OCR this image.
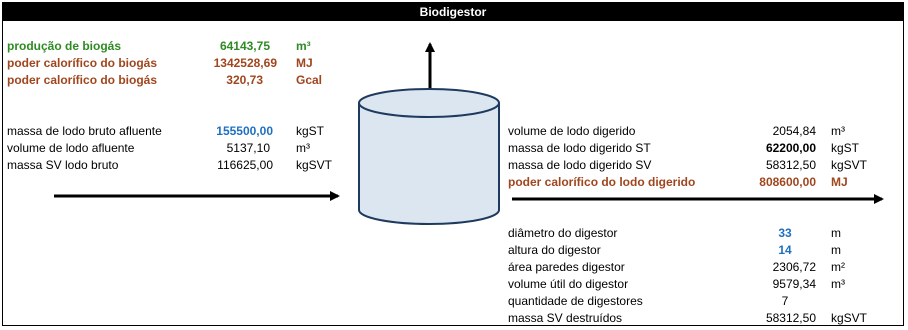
Biodigestor
produção de biogás	64143,75 m³
poder calorífico do biogás	1342528,69 MJ
poder calorífico do biogás	320,73	Gcal
massa de lodo bruto afluente	155500,00 kgST
volume de lodo afluente	5137,10 m³
massa SV lodo bruto	116625,00 kgSVT
volume de lodo digerido	2054,84 m³
massa de lodo digerido ST	62200,00 kgST
massa de lodo digerido SV	58312,50 kgSVT
poder calorífico do lodo digerido	808600,00 MJ
diâmetro do digestor	33	m
altura do digestor	14	m
área paredes digestor	2306,72 m²
volume útil do digestor	9579,34 m³
quantidade de digestores	7
massa SV destruídos	58312,50 kgSVT
